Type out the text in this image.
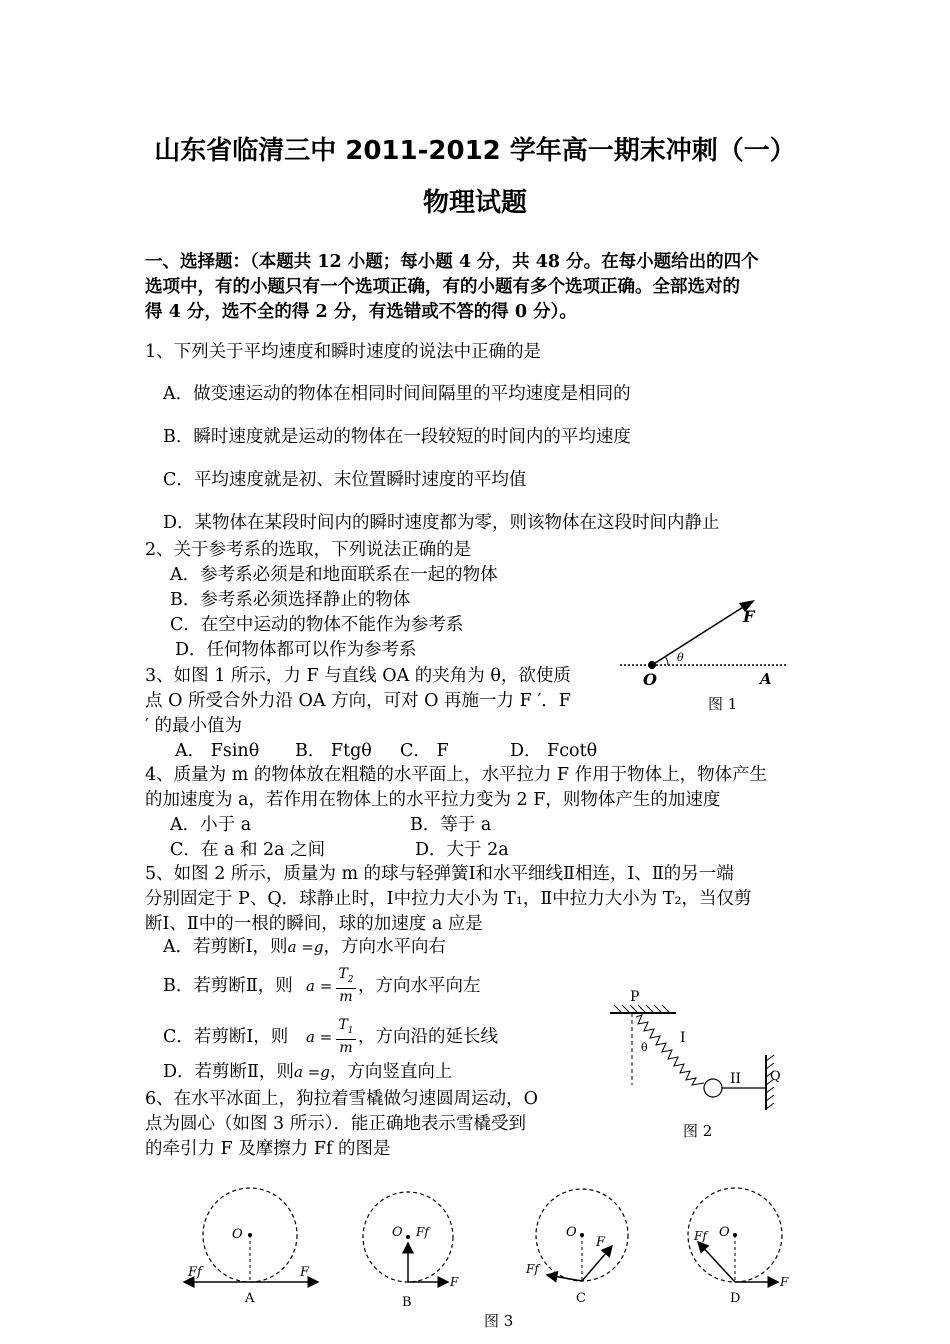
山东省临清三中 2011-2012 学年高一期末冲刺（一）
物理试题
一、选择题：（本题共 12 小题；每小题 4 分，共 48 分。在每小题给出的四个
选项中，有的小题只有一个选项正确，有的小题有多个选项正确。全部选对的
得 4 分，选不全的得 2 分，有选错或不答的得 0 分）。
1、下列关于平均速度和瞬时速度的说法中正确的是
A．做变速运动的物体在相同时间间隔里的平均速度是相同的
B．瞬时速度就是运动的物体在一段较短的时间内的平均速度
C．平均速度就是初、末位置瞬时速度的平均值
D．某物体在某段时间内的瞬时速度都为零，则该物体在这段时间内静止
2、关于参考系的选取，下列说法正确的是
A．参考系必须是和地面联系在一起的物体
B．参考系必须选择静止的物体
C．在空中运动的物体不能作为参考系
D．任何物体都可以作为参考系
3、如图 1 所示，力 F 与直线 OA 的夹角为 θ，欲使质
点 O 所受合外力沿 OA 方向，可对 O 再施一力 F ′．F
′ 的最小值为
A． Fsinθ B． Ftgθ C． F	D． Fcotθ
F
θ
O	A
图 1
4、质量为 m 的物体放在粗糙的水平面上，水平拉力 F 作用于物体上，物体产生
的加速度为 a，若作用在物体上的水平拉力变为 2 F，则物体产生的加速度
A．小于 a	B．等于 a
C．在 a 和 2a 之间	D．大于 2a
5、如图 2 所示，质量为 m 的球与轻弹簧Ⅰ和水平细线Ⅱ相连，Ⅰ、Ⅱ的另一端
分别固定于 P、Q．球静止时，Ⅰ中拉力大小为 T₁，Ⅱ中拉力大小为 T₂，当仅剪
断Ⅰ、Ⅱ中的一根的瞬间，球的加速度 a 应是
A．若剪断Ⅰ，则a =g，方向水平向右
B．若剪断Ⅱ，则 a =
$T_2$
m
，方向水平向左
C．若剪断Ⅰ，则 a =
$T_1$
m
，方向沿的延长线
D．若剪断Ⅱ，则a =g，方向竖直向上
P
Q
I
II
θ
图 2
6、在水平冰面上，狗拉着雪橇做匀速圆周运动，O
点为圆心（如图 3 所示）．能正确地表示雪橇受到
的牵引力 F 及摩擦力 Ff 的图是
O
F
Ff
A
O Ff
F
B
O
F
Ff
C
O
Ff
F
D
图 3
